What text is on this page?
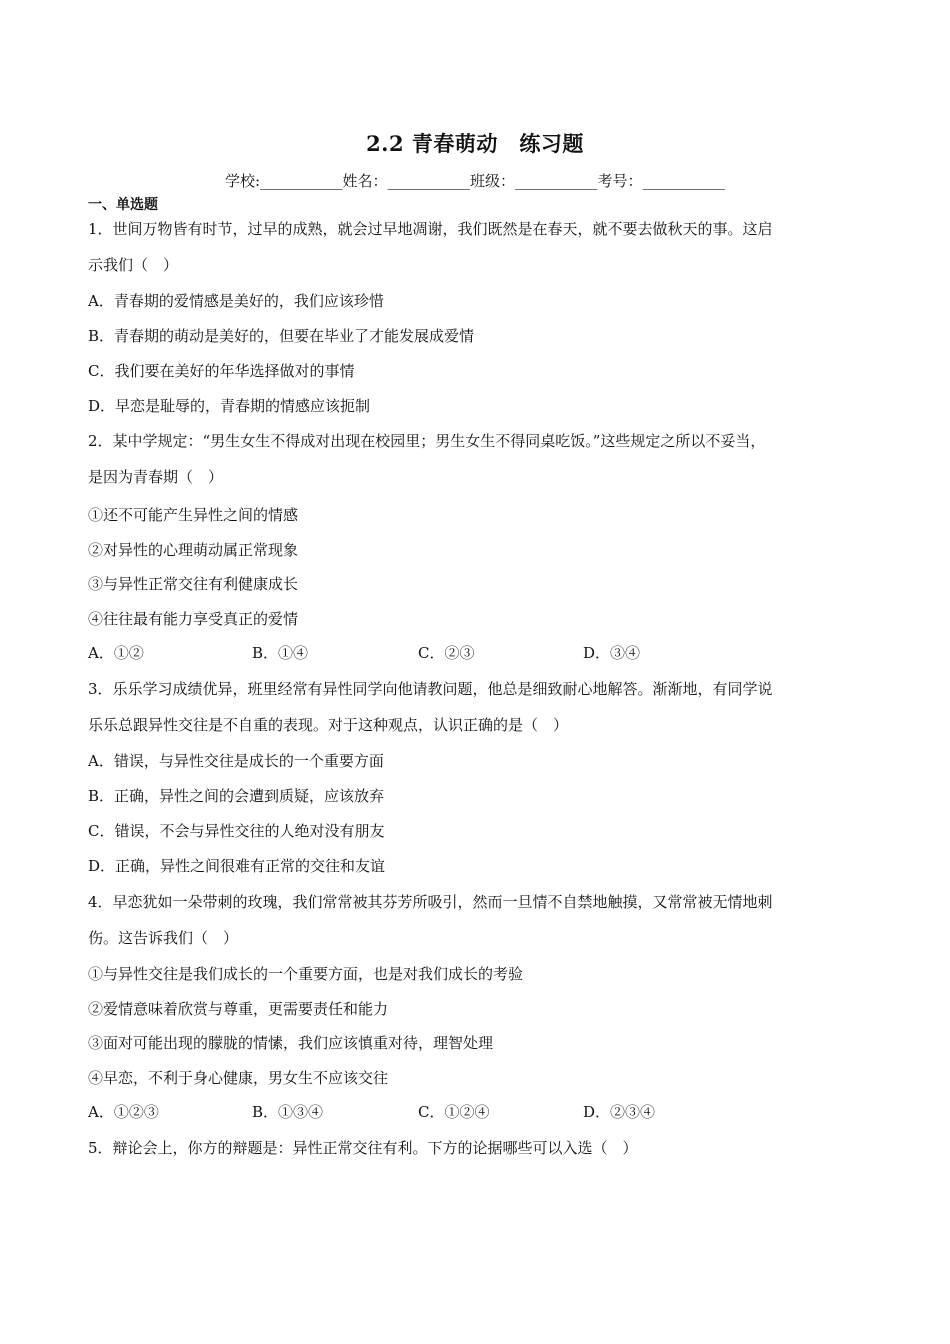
2.2 青春萌动　练习题
学校:___________姓名：___________班级：___________考号：___________
一、单选题
1．世间万物皆有时节，过早的成熟，就会过早地凋谢，我们既然是在春天，就不要去做秋天的事。这启
示我们（　）
A．青春期的爱情感是美好的，我们应该珍惜
B．青春期的萌动是美好的，但要在毕业了才能发展成爱情
C．我们要在美好的年华选择做对的事情
D．早恋是耻辱的，青春期的情感应该扼制
2．某中学规定：“男生女生不得成对出现在校园里；男生女生不得同桌吃饭。”这些规定之所以不妥当，
是因为青春期（　）
①还不可能产生异性之间的情感
②对异性的心理萌动属正常现象
③与异性正常交往有利健康成长
④往往最有能力享受真正的爱情
A．①②	B．①④	C．②③	D．③④
3．乐乐学习成绩优异，班里经常有异性同学向他请教问题，他总是细致耐心地解答。渐渐地，有同学说
乐乐总跟异性交往是不自重的表现。对于这种观点，认识正确的是（　）
A．错误，与异性交往是成长的一个重要方面
B．正确，异性之间的会遭到质疑，应该放弃
C．错误，不会与异性交往的人绝对没有朋友
D．正确，异性之间很难有正常的交往和友谊
4．早恋犹如一朵带刺的玫瑰，我们常常被其芬芳所吸引，然而一旦情不自禁地触摸，又常常被无情地刺
伤。这告诉我们（　）
①与异性交往是我们成长的一个重要方面，也是对我们成长的考验
②爱情意味着欣赏与尊重，更需要责任和能力
③面对可能出现的朦胧的情愫，我们应该慎重对待，理智处理
④早恋，不利于身心健康，男女生不应该交往
A．①②③	B．①③④	C．①②④	D．②③④
5．辩论会上，你方的辩题是：异性正常交往有利。下方的论据哪些可以入选（　）
